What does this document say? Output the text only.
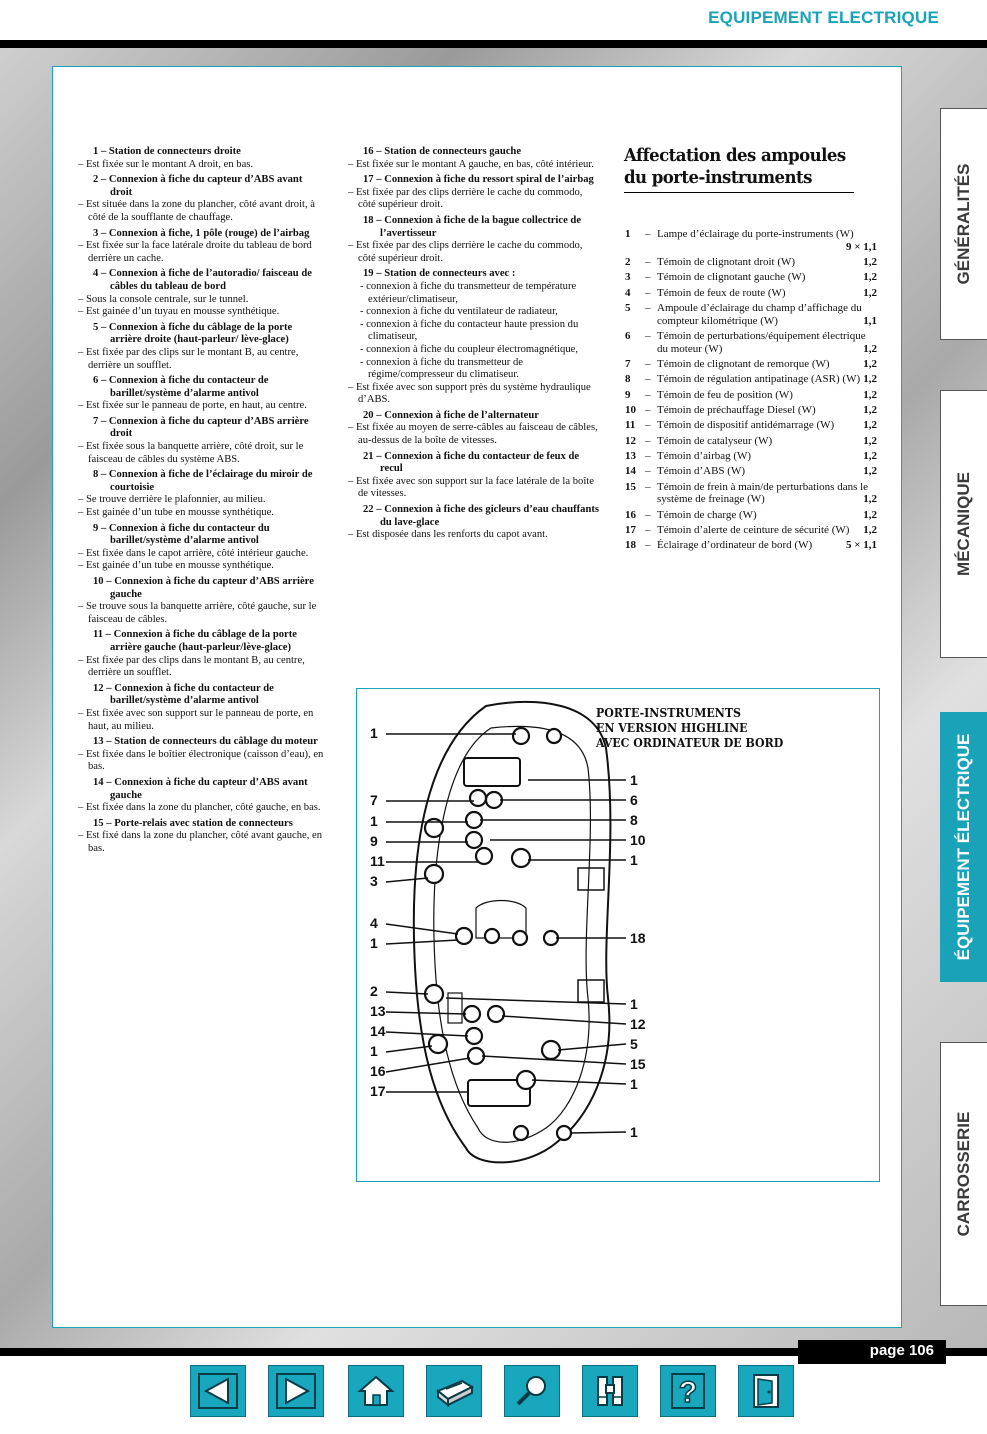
EQUIPEMENT ELECTRIQUE
1 – Station de connecteurs droite
– Est fixée sur le montant A droit, en bas.
2 – Connexion à fiche du capteur d’ABS avant droit
– Est située dans la zone du plancher, côté avant droit, à côté de la soufflante de chauffage.
3 – Connexion à fiche, 1 pôle (rouge) de l’airbag
– Est fixée sur la face latérale droite du tableau de bord derrière un cache.
4 – Connexion à fiche de l’autoradio/ faisceau de câbles du tableau de bord
– Sous la console centrale, sur le tunnel.
– Est gainée d’un tuyau en mousse synthétique.
5 – Connexion à fiche du câblage de la porte arrière droite (haut-parleur/ lève-glace)
– Est fixée par des clips sur le montant B, au centre, derrière un soufflet.
6 – Connexion à fiche du contacteur de barillet/système d’alarme antivol
– Est fixée sur le panneau de porte, en haut, au centre.
7 – Connexion à fiche du capteur d’ABS arrière droit
– Est fixée sous la banquette arrière, côté droit, sur le faisceau de câbles du système ABS.
8 – Connexion à fiche de l’éclairage du miroir de courtoisie
– Se trouve derrière le plafonnier, au milieu.
– Est gainée d’un tube en mousse synthétique.
9 – Connexion à fiche du contacteur du barillet/système d’alarme antivol
– Est fixée dans le capot arrière, côté intérieur gauche.
– Est gainée d’un tube en mousse synthétique.
10 – Connexion à fiche du capteur d’ABS arrière gauche
– Se trouve sous la banquette arrière, côté gauche, sur le faisceau de câbles.
11 – Connexion à fiche du câblage de la porte arrière gauche (haut-parleur/lève-glace)
– Est fixée par des clips dans le montant B, au centre, derrière un soufflet.
12 – Connexion à fiche du contacteur de barillet/système d’alarme antivol
– Est fixée avec son support sur le panneau de porte, en haut, au milieu.
13 – Station de connecteurs du câblage du moteur
– Est fixée dans le boîtier électronique (caisson d’eau), en bas.
14 – Connexion à fiche du capteur d’ABS avant gauche
– Est fixée dans la zone du plancher, côté gauche, en bas.
15 – Porte-relais avec station de connecteurs
– Est fixé dans la zone du plancher, côté avant gauche, en bas.
16 – Station de connecteurs gauche
– Est fixée sur le montant A gauche, en bas, côté intérieur.
17 – Connexion à fiche du ressort spiral de l’airbag
– Est fixée par des clips derrière le cache du commodo, côté supérieur droit.
18 – Connexion à fiche de la bague collectrice de l’avertisseur
– Est fixée par des clips derrière le cache du commodo, côté supérieur droit.
19 – Station de connecteurs avec :
- connexion à fiche du transmetteur de température extérieur/climatiseur,
- connexion à fiche du ventilateur de radiateur,
- connexion à fiche du contacteur haute pression du climatiseur,
- connexion à fiche du coupleur électromagnétique,
- connexion à fiche du transmetteur de régime/compresseur du climatiseur.
– Est fixée avec son support près du système hydraulique d’ABS.
20 – Connexion à fiche de l’alternateur
– Est fixée au moyen de serre-câbles au faisceau de câbles, au-dessus de la boîte de vitesses.
21 – Connexion à fiche du contacteur de feux de recul
– Est fixée avec son support sur la face latérale de la boîte de vitesses.
22 – Connexion à fiche des gicleurs d’eau chauffants du lave-glace
– Est disposée dans les renforts du capot avant.
Affectation des ampoules
du porte-instruments
1	– Lampe d’éclairage du porte-instruments (W)
9 × 1,1
2	– Témoin de clignotant droit (W)	1,2
3	– Témoin de clignotant gauche (W)	1,2
4	– Témoin de feux de route (W)	1,2
5	– Ampoule d’éclairage du champ d’affichage du compteur kilométrique (W)	1,1
6	– Témoin de perturbations/équipement électrique du moteur (W)	1,2
7	– Témoin de clignotant de remorque (W)	1,2
8	– Témoin de régulation antipatinage (ASR) (W) 1,2
9	– Témoin de feu de position (W)	1,2
10 – Témoin de préchauffage Diesel (W)	1,2
11 – Témoin de dispositif antidémarrage (W)	1,2
12 – Témoin de catalyseur (W)	1,2
13 – Témoin d’airbag (W)	1,2
14 – Témoin d’ABS (W)	1,2
15 – Témoin de frein à main/de perturbations dans le système de freinage (W)	1,2
16 – Témoin de charge (W)	1,2
17 – Témoin d’alerte de ceinture de sécurité (W) 1,2
18 – Éclairage d’ordinateur de bord (W)	5 × 1,1
1
7
1
9
11
3
4
1
2
13
14
1
16
17
1
6
8
10
1
18
1
12
5
15
1
1
PORTE-INSTRUMENTS
EN VERSION HIGHLINE
AVEC ORDINATEUR DE BORD
GÉNÉRALITÉS
MÉCANIQUE
ÉQUIPEMENT ÉLECTRIQUE
CARROSSERIE
page 106
?
